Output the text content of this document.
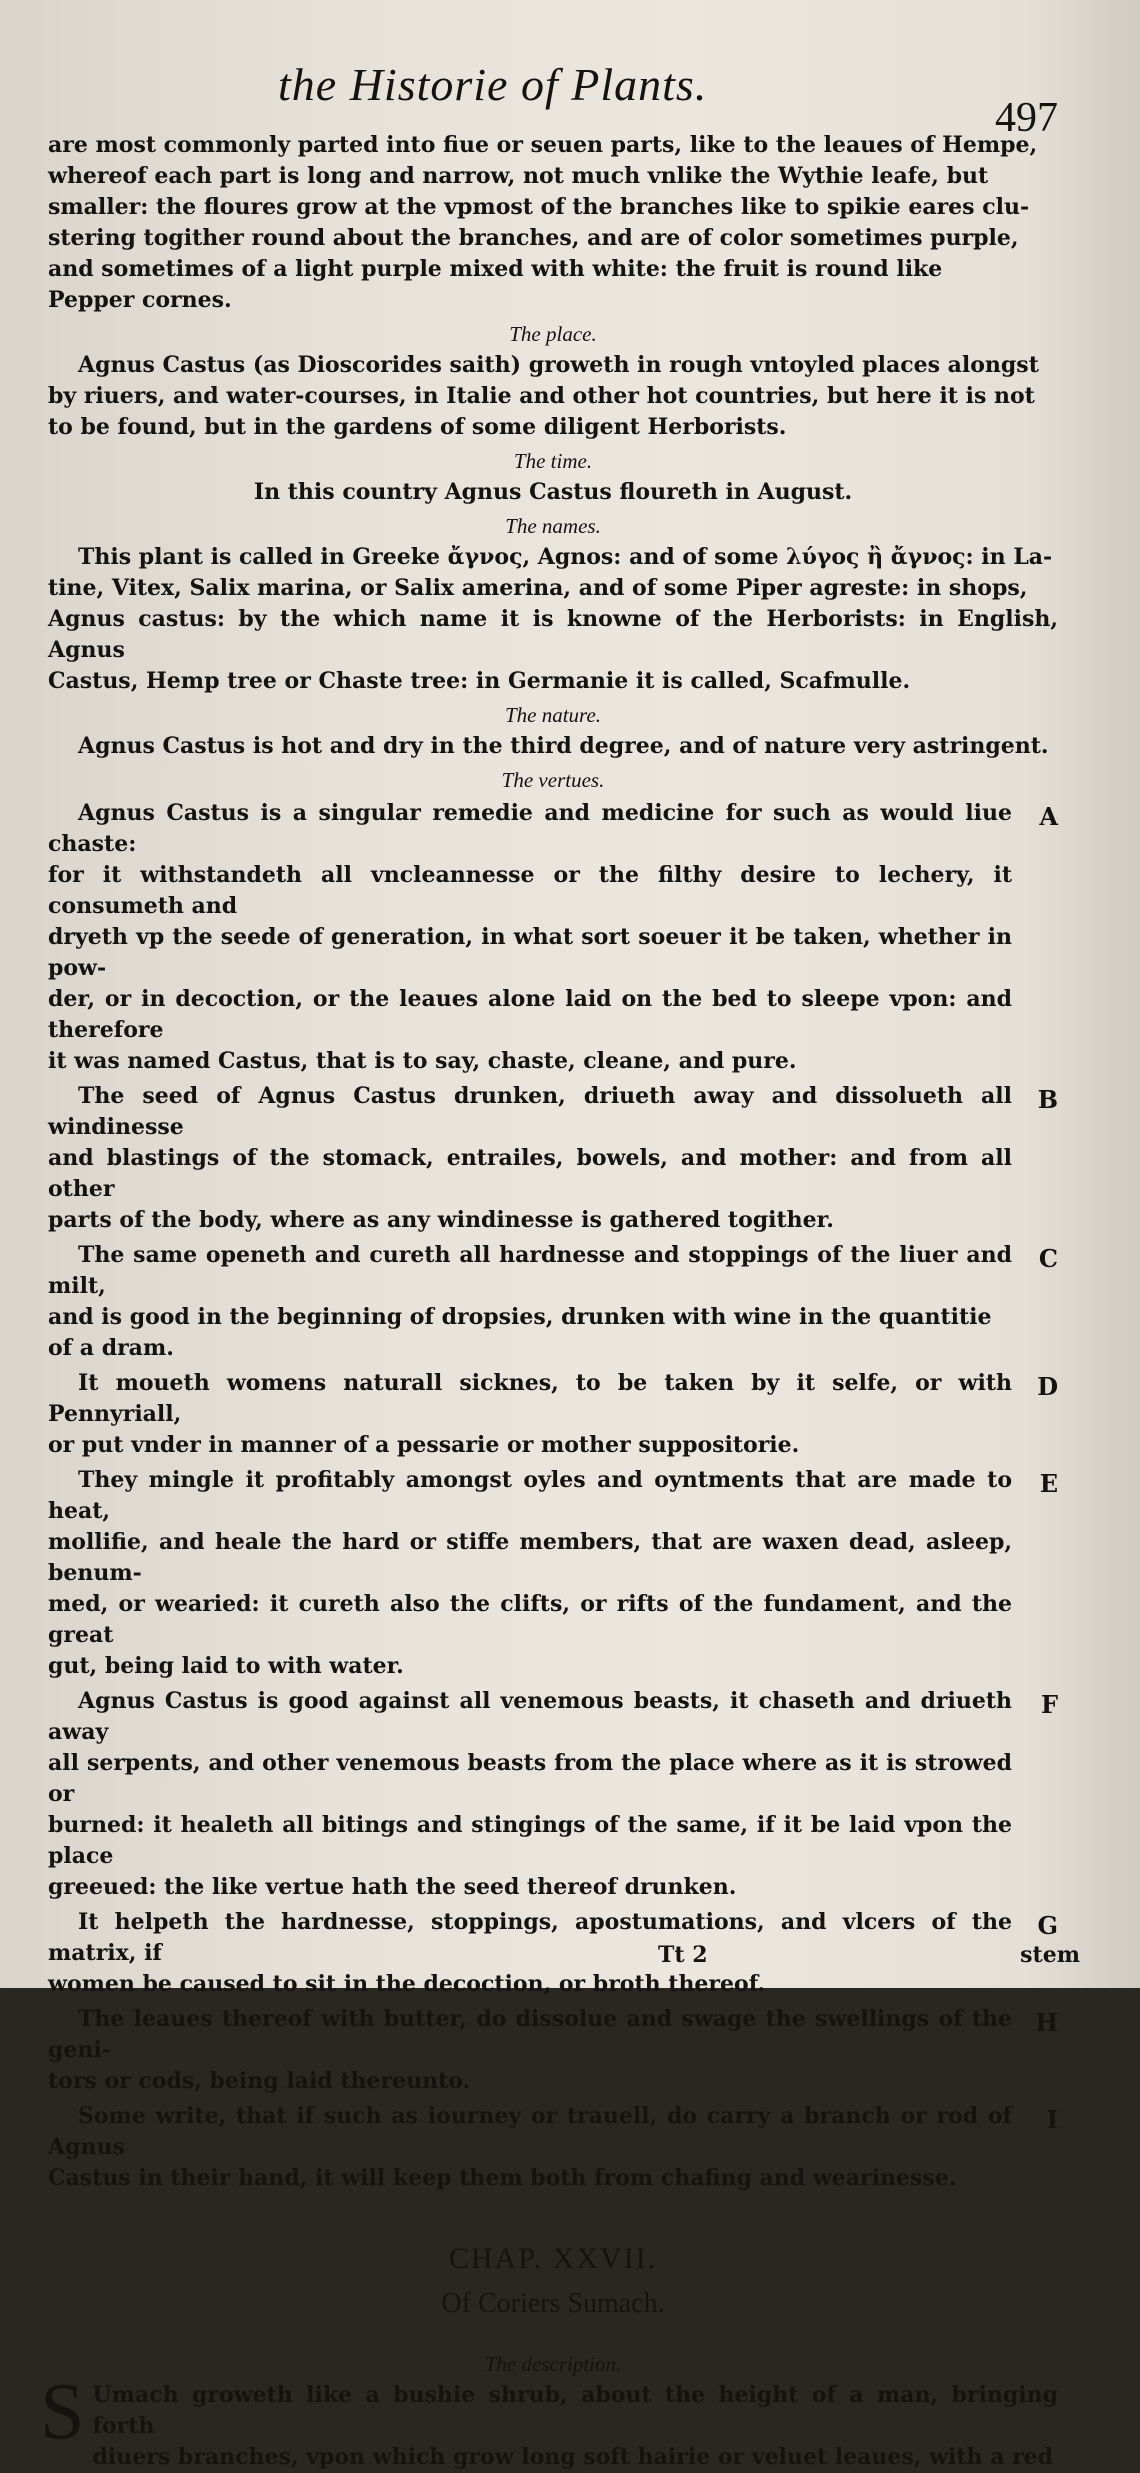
the Historie of Plants.
497

are most commonly parted into fiue or seuen parts, like to the leaues of Hempe,

whereof each part is long and narrow, not much vnlike the Wythie leafe, but

smaller: the floures grow at the vpmost of the branches like to spikie eares clu-

stering togither round about the branches, and are of color sometimes purple,

and sometimes of a light purple mixed with white: the fruit is round like

Pepper cornes.

The place.

Agnus Castus (as Dioscorides saith) groweth in rough vntoyled places alongst

by riuers, and water-courses, in Italie and other hot countries, but here it is not

to be found, but in the gardens of some diligent Herborists.

The time.

In this country Agnus Castus floureth in August.

The names.

This plant is called in Greeke ἄγνος, Agnos: and of some λύγος ἢ ἄγνος: in La-

tine, Vitex, Salix marina, or Salix amerina, and of some Piper agreste: in shops,

Agnus castus: by the which name it is knowne of the Herborists: in English, Agnus

Castus, Hemp tree or Chaste tree: in Germanie it is called, Scafmulle.

The nature.

Agnus Castus is hot and dry in the third degree, and of nature very astringent.

The vertues.

A

Agnus Castus is a singular remedie and medicine for such as would liue chaste:

for it withstandeth all vncleannesse or the filthy desire to lechery, it consumeth and

dryeth vp the seede of generation, in what sort soeuer it be taken, whether in pow-

der, or in decoction, or the leaues alone laid on the bed to sleepe vpon: and therefore

it was named Castus, that is to say, chaste, cleane, and pure.

B

The seed of Agnus Castus drunken, driueth away and dissolueth all windinesse

and blastings of the stomack, entrailes, bowels, and mother: and from all other

parts of the body, where as any windinesse is gathered togither.

C

The same openeth and cureth all hardnesse and stoppings of the liuer and milt,

and is good in the beginning of dropsies, drunken with wine in the quantitie

of a dram.

D

It moueth womens naturall sicknes, to be taken by it selfe, or with Pennyriall,

or put vnder in manner of a pessarie or mother suppositorie.

E

They mingle it profitably amongst oyles and oyntments that are made to heat,

mollifie, and heale the hard or stiffe members, that are waxen dead, asleep, benum-

med, or wearied: it cureth also the clifts, or rifts of the fundament, and the great

gut, being laid to with water.

F

Agnus Castus is good against all venemous beasts, it chaseth and driueth away

all serpents, and other venemous beasts from the place where as it is strowed or

burned: it healeth all bitings and stingings of the same, if it be laid vpon the place

greeued: the like vertue hath the seed thereof drunken.

G

It helpeth the hardnesse, stoppings, apostumations, and vlcers of the matrix, if

women be caused to sit in the decoction, or broth thereof.

H

The leaues thereof with butter, do dissolue and swage the swellings of the geni-

tors or cods, being laid thereunto.

I

Some write, that if such as iourney or trauell, do carry a branch or rod of Agnus

Castus in their hand, it will keep them both from chafing and wearinesse.

CHAP. XXVII.
Of Coriers Sumach.

The description.

S Umach groweth like a bushie shrub, about the height of a man, bringing forth

diuers branches, vpon which grow long soft hairie or veluet leaues, with a red

Tt 2	stem
